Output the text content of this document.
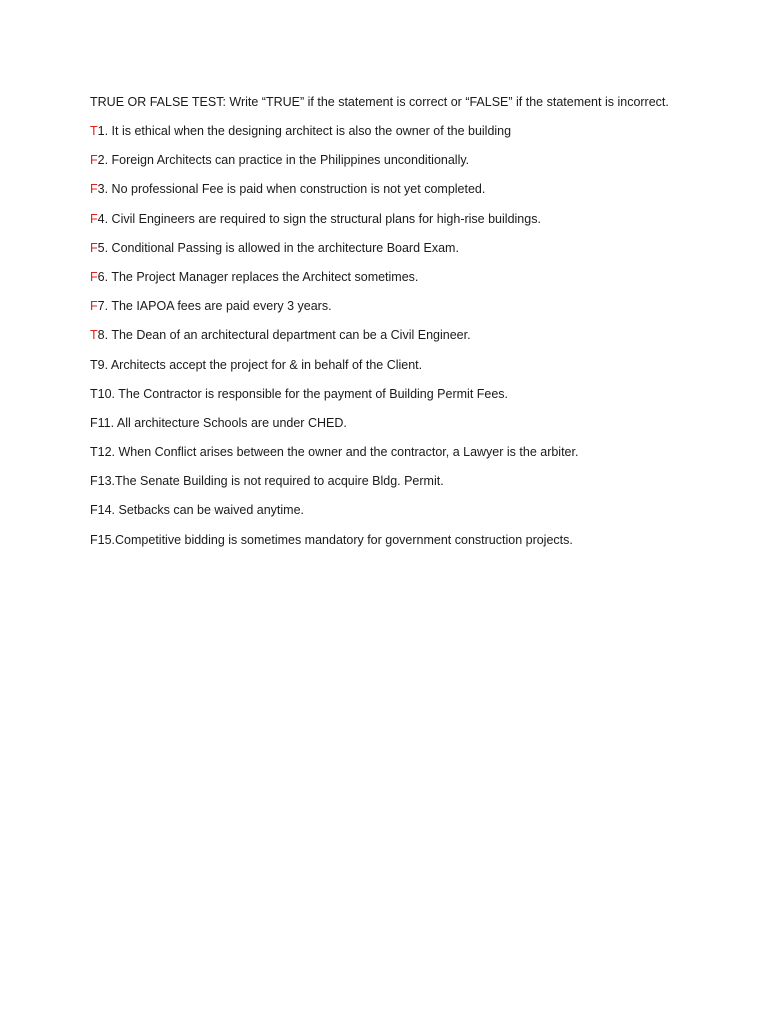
TRUE OR FALSE TEST: Write “TRUE” if the statement is correct or “FALSE” if the statement is incorrect.

T1. It is ethical when the designing architect is also the owner of the building
F2. Foreign Architects can practice in the Philippines unconditionally.
F3. No professional Fee is paid when construction is not yet completed.
F4. Civil Engineers are required to sign the structural plans for high-rise buildings.
F5. Conditional Passing is allowed in the architecture Board Exam.
F6. The Project Manager replaces the Architect sometimes.
F7. The IAPOA fees are paid every 3 years.
T8. The Dean of an architectural department can be a Civil Engineer.
T9. Architects accept the project for & in behalf of the Client.
T10. The Contractor is responsible for the payment of Building Permit Fees.
F11. All architecture Schools are under CHED.
T12. When Conflict arises between the owner and the contractor, a Lawyer is the arbiter.
F13.The Senate Building is not required to acquire Bldg. Permit.
F14. Setbacks can be waived anytime.
F15.Competitive bidding is sometimes mandatory for government construction projects.
